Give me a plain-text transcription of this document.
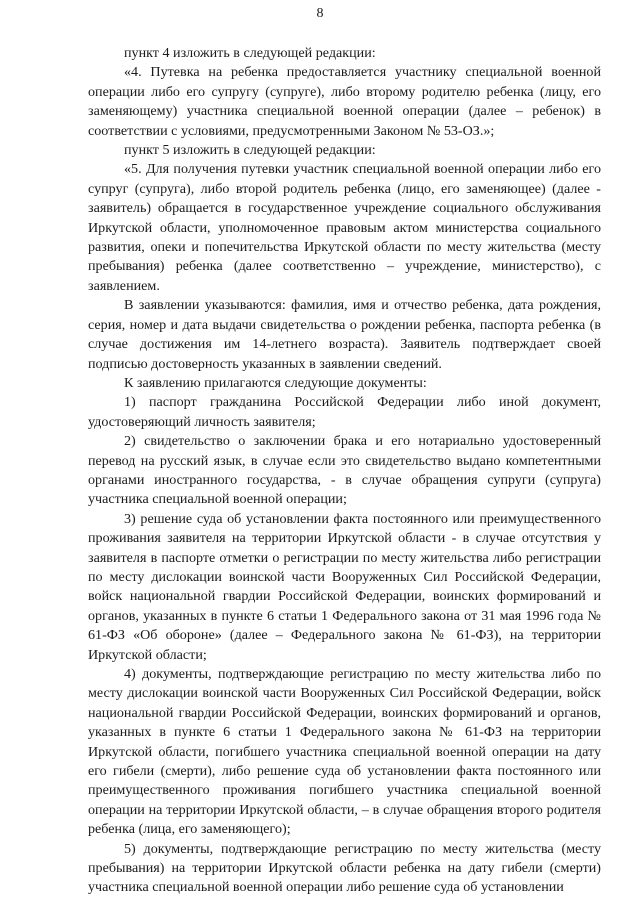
8

пункт 4 изложить в следующей редакции:

«4. Путевка на ребенка предоставляется участнику специальной военной операции либо его супругу (супруге), либо второму родителю ребенка (лицу, его заменяющему) участника специальной военной операции (далее – ребенок) в соответствии с условиями, предусмотренными Законом № 53-ОЗ.»;

пункт 5 изложить в следующей редакции:

«5. Для получения путевки участник специальной военной операции либо его супруг (супруга), либо второй родитель ребенка (лицо, его заменяющее) (далее - заявитель) обращается в государственное учреждение социального обслуживания Иркутской области, уполномоченное правовым актом министерства социального развития, опеки и попечительства Иркутской области по месту жительства (месту пребывания) ребенка (далее соответственно – учреждение, министерство), с заявлением.

В заявлении указываются: фамилия, имя и отчество ребенка, дата рождения, серия, номер и дата выдачи свидетельства о рождении ребенка, паспорта ребенка (в случае достижения им 14-летнего возраста). Заявитель подтверждает своей подписью достоверность указанных в заявлении сведений.

К заявлению прилагаются следующие документы:

1) паспорт гражданина Российской Федерации либо иной документ, удостоверяющий личность заявителя;

2) свидетельство о заключении брака и его нотариально удостоверенный перевод на русский язык, в случае если это свидетельство выдано компетентными органами иностранного государства, - в случае обращения супруги (супруга) участника специальной военной операции;

3) решение суда об установлении факта постоянного или преимущественного проживания заявителя на территории Иркутской области - в случае отсутствия у заявителя в паспорте отметки о регистрации по месту жительства либо регистрации по месту дислокации воинской части Вооруженных Сил Российской Федерации, войск национальной гвардии Российской Федерации, воинских формирований и органов, указанных в пункте 6 статьи 1 Федерального закона от 31 мая 1996 года № 61-ФЗ «Об обороне» (далее – Федерального закона № 61-ФЗ), на территории Иркутской области;

4) документы, подтверждающие регистрацию по месту жительства либо по месту дислокации воинской части Вооруженных Сил Российской Федерации, войск национальной гвардии Российской Федерации, воинских формирований и органов, указанных в пункте 6 статьи 1 Федерального закона № 61-ФЗ на территории Иркутской области, погибшего участника специальной военной операции на дату его гибели (смерти), либо решение суда об установлении факта постоянного или преимущественного проживания погибшего участника специальной военной операции на территории Иркутской области, – в случае обращения второго родителя ребенка (лица, его заменяющего);

5) документы, подтверждающие регистрацию по месту жительства (месту пребывания) на территории Иркутской области ребенка на дату гибели (смерти) участника специальной военной операции либо решение суда об установлении
